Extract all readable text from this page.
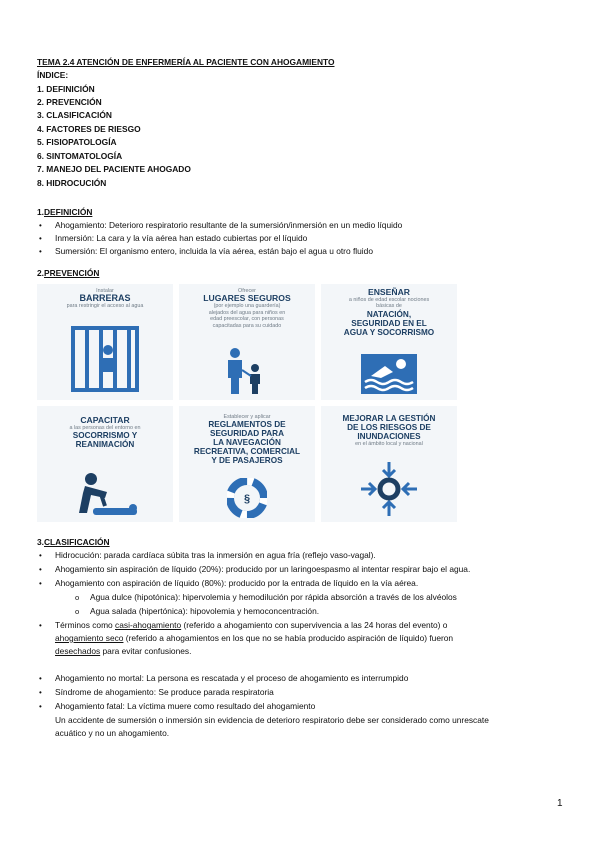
TEMA 2.4 ATENCIÓN DE ENFERMERÍA AL PACIENTE CON AHOGAMIENTO
ÍNDICE:
1. DEFINICIÓN
2. PREVENCIÓN
3. CLASIFICACIÓN
4. FACTORES DE RIESGO
5. FISIOPATOLOGÍA
6. SINTOMATOLOGÍA
7. MANEJO DEL PACIENTE AHOGADO
8. HIDROCUCIÓN
1.DEFINICIÓN
• Ahogamiento: Deterioro respiratorio resultante de la sumersión/inmersión en un medio líquido
• Inmersión: La cara y la vía aérea han estado cubiertas por el líquido
• Sumersión: El organismo entero, incluida la vía aérea, están bajo el agua u otro fluido
2.PREVENCIÓN
Instalar
BARRERAS
para restringir el acceso al agua
Ofrecer
LUGARES SEGUROS
(por ejemplo una guardería)
alejados del agua para niños en
edad preescolar, con personas
capacitadas para su cuidado
ENSEÑAR
a niños de edad escolar nociones
básicas de
NATACIÓN,
SEGURIDAD EN EL
AGUA Y SOCORRISMO
CAPACITAR
a las personas del entorno en
SOCORRISMO Y
REANIMACIÓN
Establecer y aplicar
REGLAMENTOS DE
SEGURIDAD PARA
LA NAVEGACIÓN
RECREATIVA, COMERCIAL
Y DE PASAJEROS
§
MEJORAR LA GESTIÓN
DE LOS RIESGOS DE
INUNDACIONES
en el ámbito local y nacional
3.CLASIFICACIÓN
• Hidrocución: parada cardíaca súbita tras la inmersión en agua fría (reflejo vaso-vagal).
• Ahogamiento sin aspiración de líquido (20%): producido por un laringoespasmo al intentar respirar bajo el agua.
• Ahogamiento con aspiración de líquido (80%): producido por la entrada de líquido en la vía aérea.
o Agua dulce (hipotónica): hipervolemia y hemodilución por rápida absorción a través de los alvéolos
o Agua salada (hipertónica): hipovolemia y hemoconcentración.
• Términos como casi-ahogamiento (referido a ahogamiento con supervivencia a las 24 horas del evento) o
ahogamiento seco (referido a ahogamientos en los que no se había producido aspiración de líquido) fueron
desechados para evitar confusiones.
• Ahogamiento no mortal: La persona es rescatada y el proceso de ahogamiento es interrumpido
• Síndrome de ahogamiento: Se produce parada respiratoria
• Ahogamiento fatal: La víctima muere como resultado del ahogamiento
Un accidente de sumersión o inmersión sin evidencia de deterioro respiratorio debe ser considerado como unrescate
acuático y no un ahogamiento.
1
